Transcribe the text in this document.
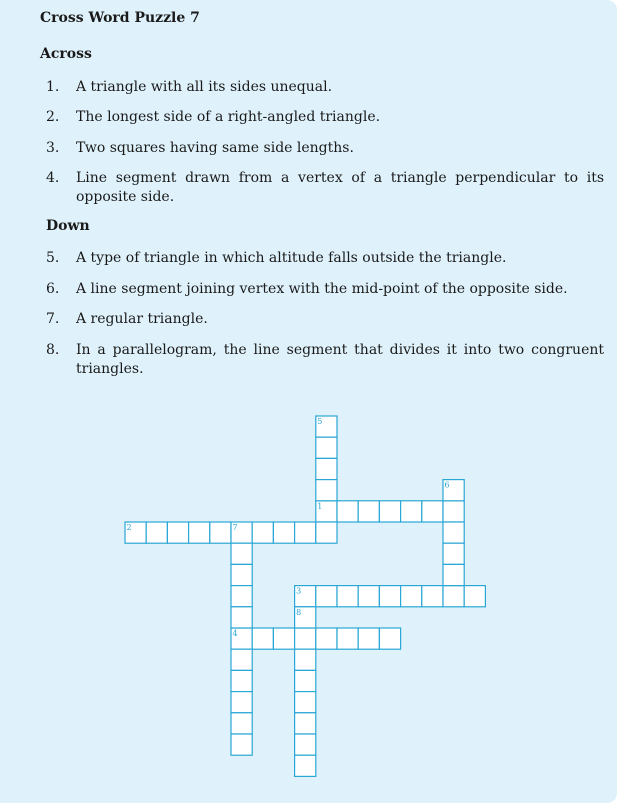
Cross Word Puzzle 7
Across
1.	A triangle with all its sides unequal.
2.	The longest side of a right-angled triangle.
3.	Two squares having same side lengths.
4.	Line segment drawn from a vertex of a triangle perpendicular to its opposite side.
Down
5.	A type of triangle in which altitude falls outside the triangle.
6.	A line segment joining vertex with the mid-point of the opposite side.
7.	A regular triangle.
8.	In a parallelogram, the line segment that divides it into two congruent triangles.
1
2
3
4
5
6
7
8
